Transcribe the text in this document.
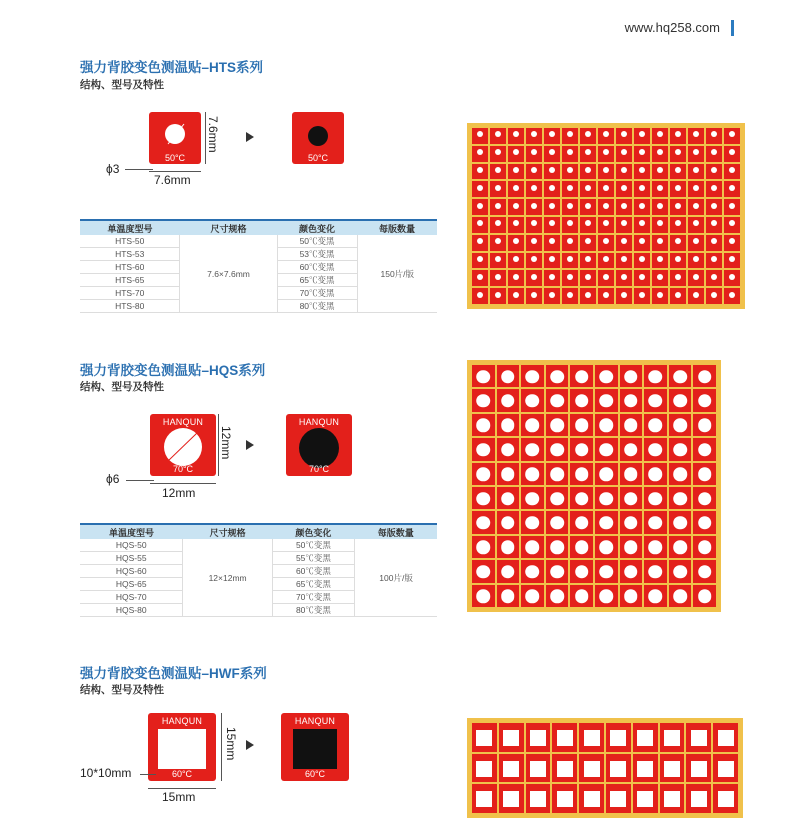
www.hq258.com
强力背胶变色测温贴–HTS系列
结构、型号及特性
50°C
7.6mm
7.6mm
ϕ3
50°C
单温度型号	尺寸规格	颜色变化	每版数量
HTS-50	7.6×7.6mm	50℃变黑	150片/版
HTS-53		53℃变黑	
HTS-60		60℃变黑	
HTS-65		65℃变黑	
HTS-70		70℃变黑	
HTS-80		80℃变黑	
强力背胶变色测温贴–HQS系列
结构、型号及特性
HANQUN
70°C
12mm
12mm
ϕ6
HANQUN
70°C
单温度型号	尺寸规格	颜色变化	每版数量
HQS-50	12×12mm	50℃变黑	100片/版
HQS-55		55℃变黑	
HQS-60		60℃变黑	
HQS-65		65℃变黑	
HQS-70		70℃变黑	
HQS-80		80℃变黑	
强力背胶变色测温贴–HWF系列
结构、型号及特性
HANQUN
60°C
15mm
15mm
10*10mm
HANQUN
60°C
